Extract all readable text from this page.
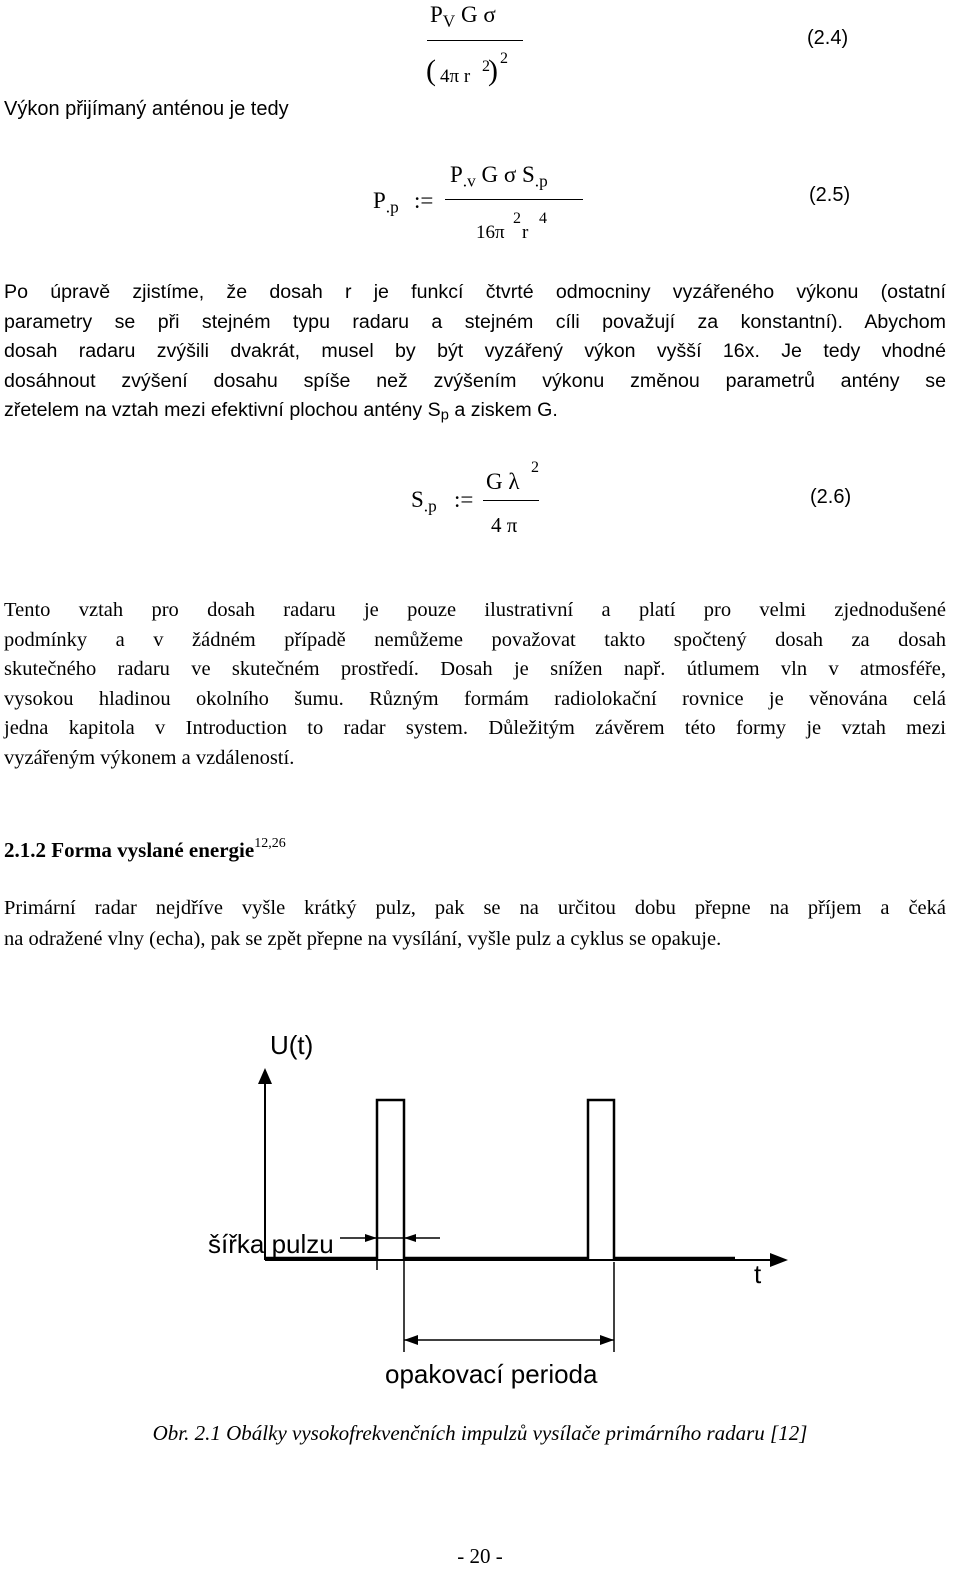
$P_V$ G σ
( 4π r 2
) 2
(2.4)
Výkon přijímaný anténou je tedy
$P_{.p}$ :=
$P_{.v}$ G σ $S_{.p}$
16π
2
r
4
(2.5)
Po úpravě zjistíme, že dosah r je funkcí čtvrté odmocniny vyzářeného výkonu (ostatní
parametry se při stejném typu radaru a stejném cíli považují za konstantní). Abychom
dosah radaru zvýšili dvakrát, musel by být vyzářený výkon vyšší 16x. Je tedy vhodné
dosáhnout zvýšení dosahu spíše než zvýšením výkonu změnou parametrů antény se
zřetelem na vztah mezi efektivní plochou antény $S_p$ a ziskem G.
$S_{.p}$ :=
G λ
2
4 π
(2.6)
Tento vztah pro dosah radaru je pouze ilustrativní a platí pro velmi zjednodušené
podmínky a v žádném případě nemůžeme považovat takto spočtený dosah za dosah
skutečného radaru ve skutečném prostředí. Dosah je snížen např. útlumem vln v atmosféře,
vysokou hladinou okolního šumu. Různým formám radiolokační rovnice je věnována celá
jedna kapitola v Introduction to radar system. Důležitým závěrem této formy je vztah mezi
vyzářeným výkonem a vzdáleností.
2.1.2 Forma vyslané energie$^{12,26}$
Primární radar nejdříve vyšle krátký pulz, pak se na určitou dobu přepne na příjem a čeká
na odražené vlny (echa), pak se zpět přepne na vysílání, vyšle pulz a cyklus se opakuje.
U(t)
t
šířka pulzu
opakovací perioda
Obr. 2.1 Obálky vysokofrekvenčních impulzů vysílače primárního radaru [12]
- 20 -
